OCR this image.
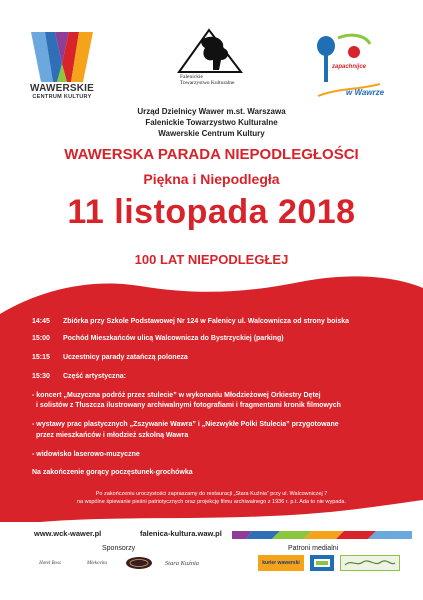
WAWERSKIE
CENTRUM KULTURY
Falenickie
Towarzystwo Kulturalne
zapachnijce
w Wawrze
Urząd Dzielnicy Wawer m.st. Warszawa
Falenickie Towarzystwo Kulturalne
Wawerskie Centrum Kultury
WAWERSKA PARADA NIEPODLEGŁOŚCI
Piękna i Niepodległa
11 listopada 2018
100 LAT NIEPODLEGŁEJ
14:45 Zbiórka przy Szkole Podstawowej Nr 124 w Falenicy ul. Walcownicza od strony boiska
15:00 Pochód Mieszkańców ulicą Walcownicza do Bystrzyckiej (parking)
15:15 Uczestnicy parady zatańczą poloneza
15:30 Część artystyczna:
- koncert „Muzyczna podróż przez stulecie” w wykonaniu Młodzieżowej Orkiestry Dętej
i solistów z Tłuszcza ilustrowany archiwalnymi fotografiami i fragmentami kronik filmowych
- wystawy prac plastycznych „Zszywanie Wawra” i „Niezwykłe Polki Stulecia” przygotowane
przez mieszkańców i młodzież szkolną Wawra
- widowisko laserowo-muzyczne
Na zakończenie gorący poczęstunek-grochówka
Po zakończeniu uroczystości zapraszamy do restauracji „Stara Kuźnia” przy ul. Walcowniczej 7
na wspólne śpiewanie pieśni patriotycznych oraz projekcję filmu archiwalnego z 1936 r. p.t. Ada to nie wypada.
www.wck-wawer.pl	falenica-kultura.waw.pl
Sponsorzy	Patroni medialni
Hotel Boss	Mlekovita	Stara Kuźnia	kurier wawerski
